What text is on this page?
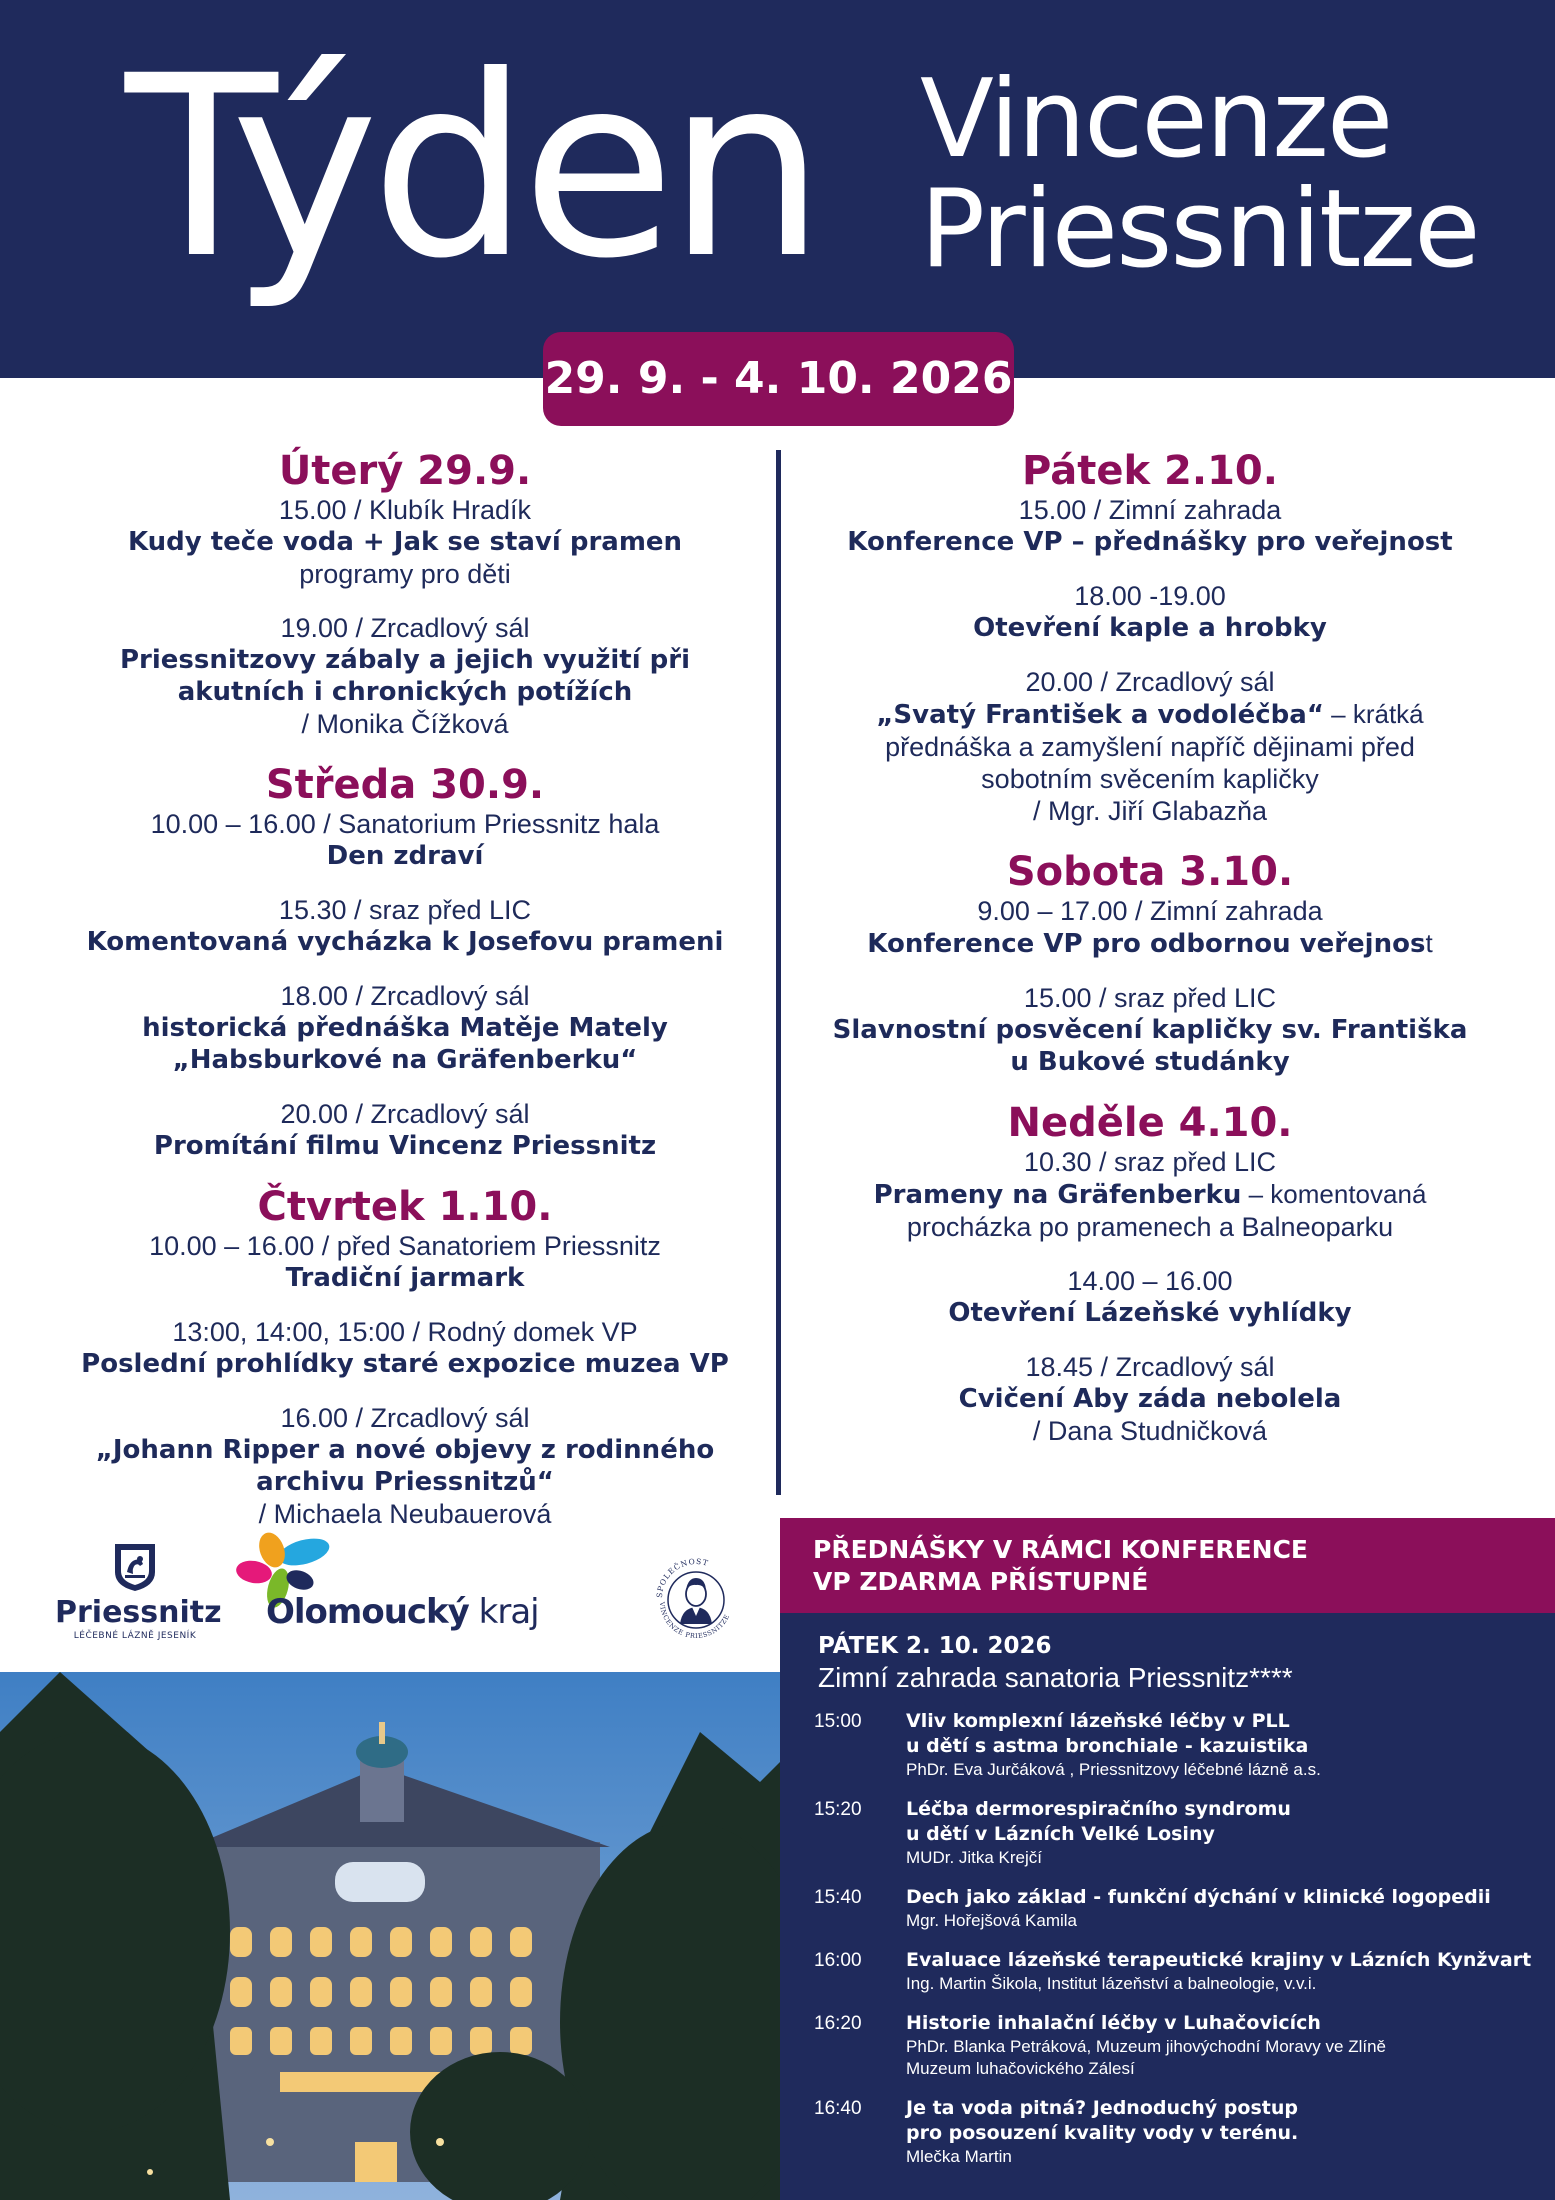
Týden Vincenze
Priessnitze
29. 9. - 4. 10. 2026
Úterý 29.9.
15.00 / Klubík Hradík
Kudy teče voda + Jak se staví pramen
programy pro děti
19.00 / Zrcadlový sál
Priessnitzovy zábaly a jejich využití při
akutních i chronických potížích
/ Monika Čížková
Středa 30.9.
10.00 – 16.00 / Sanatorium Priessnitz hala
Den zdraví
15.30 / sraz před LIC
Komentovaná vycházka k Josefovu prameni
18.00 / Zrcadlový sál
historická přednáška Matěje Mately
„Habsburkové na Gräfenberku“
20.00 / Zrcadlový sál
Promítání filmu Vincenz Priessnitz
Čtvrtek 1.10.
10.00 – 16.00 / před Sanatoriem Priessnitz
Tradiční jarmark
13:00, 14:00, 15:00 / Rodný domek VP
Poslední prohlídky staré expozice muzea VP
16.00 / Zrcadlový sál
„Johann Ripper a nové objevy z rodinného
archivu Priessnitzů“
/ Michaela Neubauerová
Pátek 2.10.
15.00 / Zimní zahrada
Konference VP – přednášky pro veřejnost
18.00 -19.00
Otevření kaple a hrobky
20.00 / Zrcadlový sál
„Svatý František a vodoléčba“ – krátká
přednáška a zamyšlení napříč dějinami před
sobotním svěcením kapličky
/ Mgr. Jiří Glabazňa
Sobota 3.10.
9.00 – 17.00 / Zimní zahrada
Konference VP pro odbornou veřejnost
15.00 / sraz před LIC
Slavnostní posvěcení kapličky sv. Františka
u Bukové studánky
Neděle 4.10.
10.30 / sraz před LIC
Prameny na Gräfenberku – komentovaná
procházka po pramenech a Balneoparku
14.00 – 16.00
Otevření Lázeňské vyhlídky
18.45 / Zrcadlový sál
Cvičení Aby záda nebolela
/ Dana Studničková
Priessnitz
LÉČEBNÉ LÁZNĚ JESENÍK
Olomoucký kraj	SPOLEČNOST
VINCENZE PRIESSNITZE
PŘEDNÁŠKY V RÁMCI KONFERENCE
VP ZDARMA PŘÍSTUPNÉ
PÁTEK 2. 10. 2026
Zimní zahrada sanatoria Priessnitz****
15:00 Vliv komplexní lázeňské léčby v PLL
u dětí s astma bronchiale - kazuistika
PhDr. Eva Jurčáková , Priessnitzovy léčebné lázně a.s.
15:20 Léčba dermorespiračního syndromu
u dětí v Lázních Velké Losiny
MUDr. Jitka Krejčí
15:40 Dech jako základ - funkční dýchání v klinické logopedii
Mgr. Hořejšová Kamila
16:00 Evaluace lázeňské terapeutické krajiny v Lázních Kynžvart
Ing. Martin Šikola, Institut lázeňství a balneologie, v.v.i.
16:20 Historie inhalační léčby v Luhačovicích
PhDr. Blanka Petráková, Muzeum jihovýchodní Moravy ve Zlíně
Muzeum luhačovického Zálesí
16:40 Je ta voda pitná? Jednoduchý postup
pro posouzení kvality vody v terénu.
Mlečka Martin
